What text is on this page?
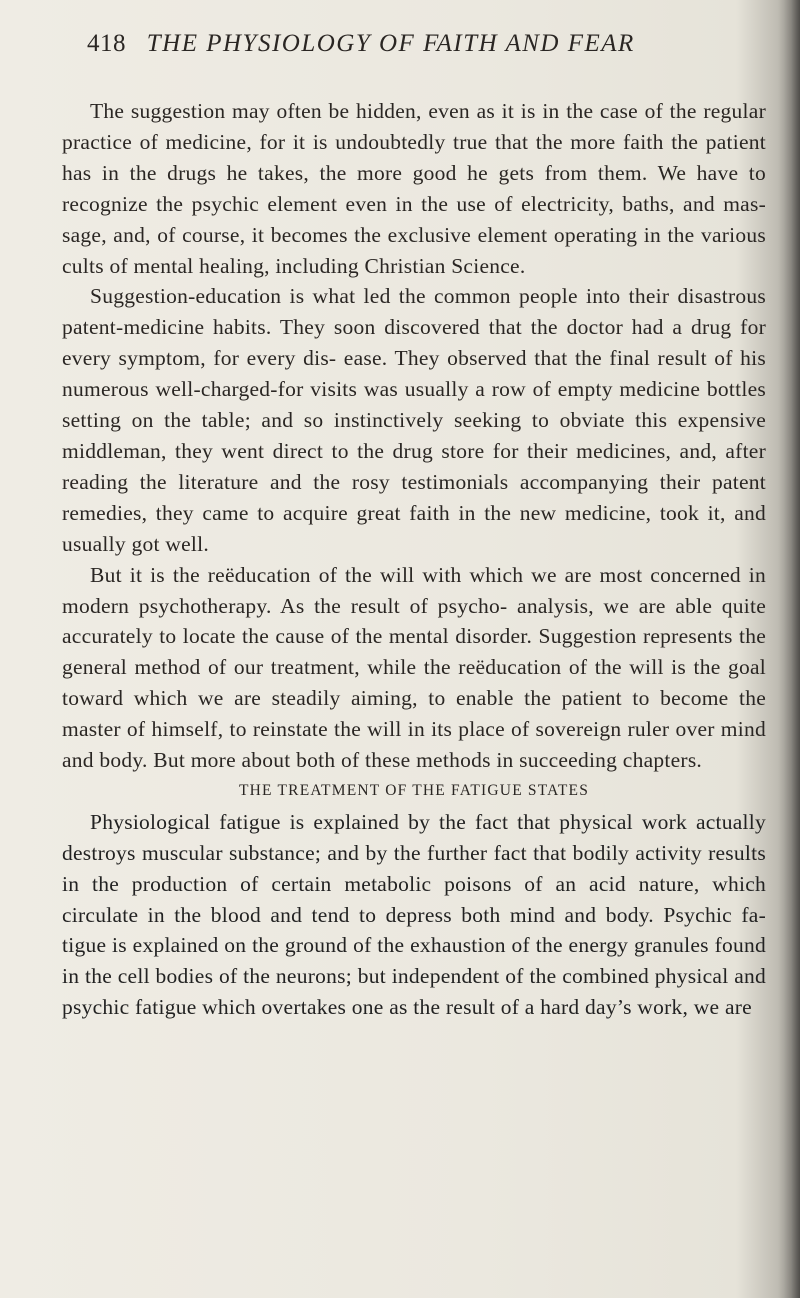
418 THE PHYSIOLOGY OF FAITH AND FEAR

The suggestion may often be hidden, even as it is in the case of the regular practice of medicine, for it is undoubtedly true that the more faith the patient has in the drugs he takes, the more good he gets from them. We have to recognize the psychic element even in the use of electricity, baths, and mas- sage, and, of course, it becomes the exclusive element operating in the various cults of mental healing, including Christian Science.

Suggestion-education is what led the common people into their disastrous patent-medicine habits. They soon discovered that the doctor had a drug for every symptom, for every dis- ease. They observed that the final result of his numerous well-charged-for visits was usually a row of empty medicine bottles setting on the table; and so instinctively seeking to obviate this expensive middleman, they went direct to the drug store for their medicines, and, after reading the literature and the rosy testimonials accompanying their patent remedies, they came to acquire great faith in the new medicine, took it, and usually got well.

But it is the reëducation of the will with which we are most concerned in modern psychotherapy. As the result of psycho- analysis, we are able quite accurately to locate the cause of the mental disorder. Suggestion represents the general method of our treatment, while the reëducation of the will is the goal toward which we are steadily aiming, to enable the patient to become the master of himself, to reinstate the will in its place of sovereign ruler over mind and body. But more about both of these methods in succeeding chapters.

THE TREATMENT OF THE FATIGUE STATES

Physiological fatigue is explained by the fact that physical work actually destroys muscular substance; and by the further fact that bodily activity results in the production of certain metabolic poisons of an acid nature, which circulate in the blood and tend to depress both mind and body. Psychic fa- tigue is explained on the ground of the exhaustion of the energy granules found in the cell bodies of the neurons; but independent of the combined physical and psychic fatigue which overtakes one as the result of a hard day’s work, we are
